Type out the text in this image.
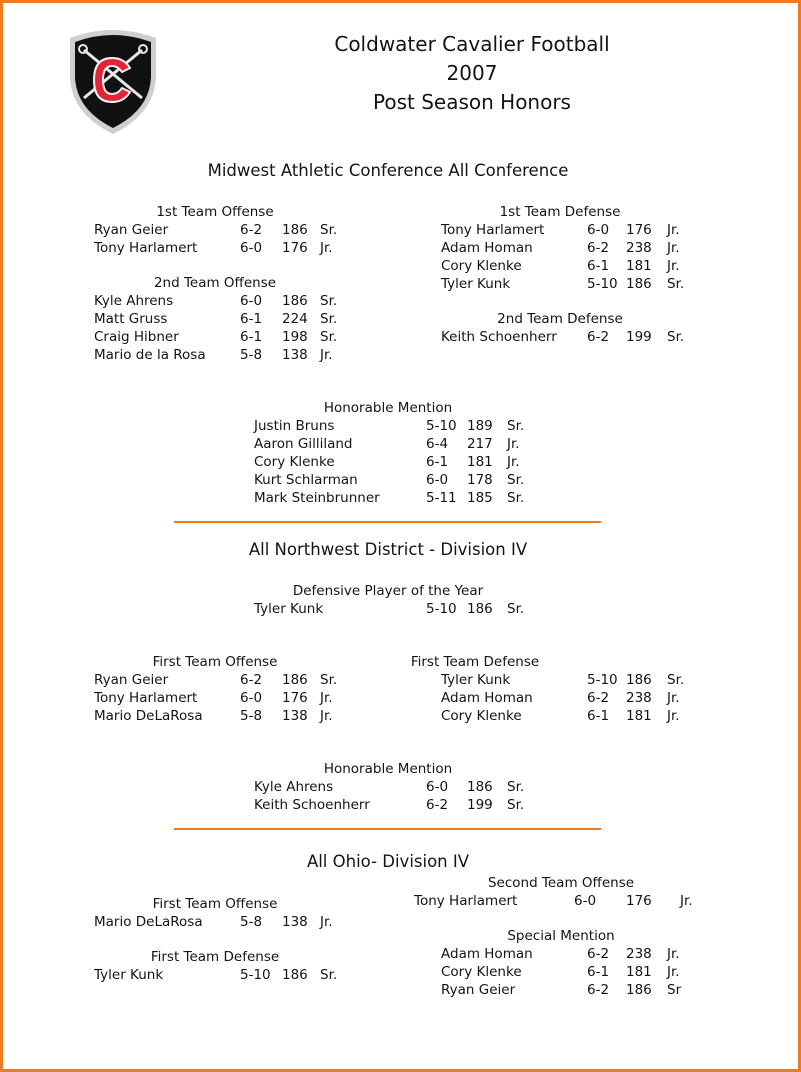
Coldwater Cavalier Football
2007
Post Season Honors
Midwest Athletic Conference All Conference
All Northwest District - Division IV
All Ohio- Division IV
1st Team Offense
Ryan Geier	6-2 186 Sr.
Tony Harlamert	6-0 176 Jr.
2nd Team Offense
Kyle Ahrens	6-0 186 Sr.
Matt Gruss	6-1 224 Sr.
Craig Hibner	6-1 198 Sr.
Mario de la Rosa	5-8 138 Jr.
1st Team Defense
Tony Harlamert	6-0 176 Jr.
Adam Homan	6-2 238 Jr.
Cory Klenke	6-1 181 Jr.
Tyler Kunk	5-10 186 Sr.
2nd Team Defense
Keith Schoenherr 6-2 199 Sr.
Honorable Mention
Justin Bruns	5-10 189 Sr.
Aaron Gilliland	6-4 217 Jr.
Cory Klenke	6-1 181 Jr.
Kurt Schlarman	6-0 178 Sr.
Mark Steinbrunner	5-11 185 Sr.
Defensive Player of the Year
Tyler Kunk	5-10 186 Sr.
First Team Offense
Ryan Geier	6-2 186 Sr.
Tony Harlamert	6-0 176 Jr.
Mario DeLaRosa	5-8 138 Jr.
First Team Defense
Tyler Kunk	5-10 186 Sr.
Adam Homan	6-2 238 Jr.
Cory Klenke	6-1 181 Jr.
Honorable Mention
Kyle Ahrens	6-0 186 Sr.
Keith Schoenherr	6-2 199 Sr.
First Team Offense
Mario DeLaRosa	5-8 138 Jr.
First Team Defense
Tyler Kunk	5-10 186 Sr.
Second Team Offense
Tony Harlamert	6-0 176 Jr.
Special Mention
Adam Homan	6-2 238 Jr.
Cory Klenke	6-1 181 Jr.
Ryan Geier	6-2 186 Sr
